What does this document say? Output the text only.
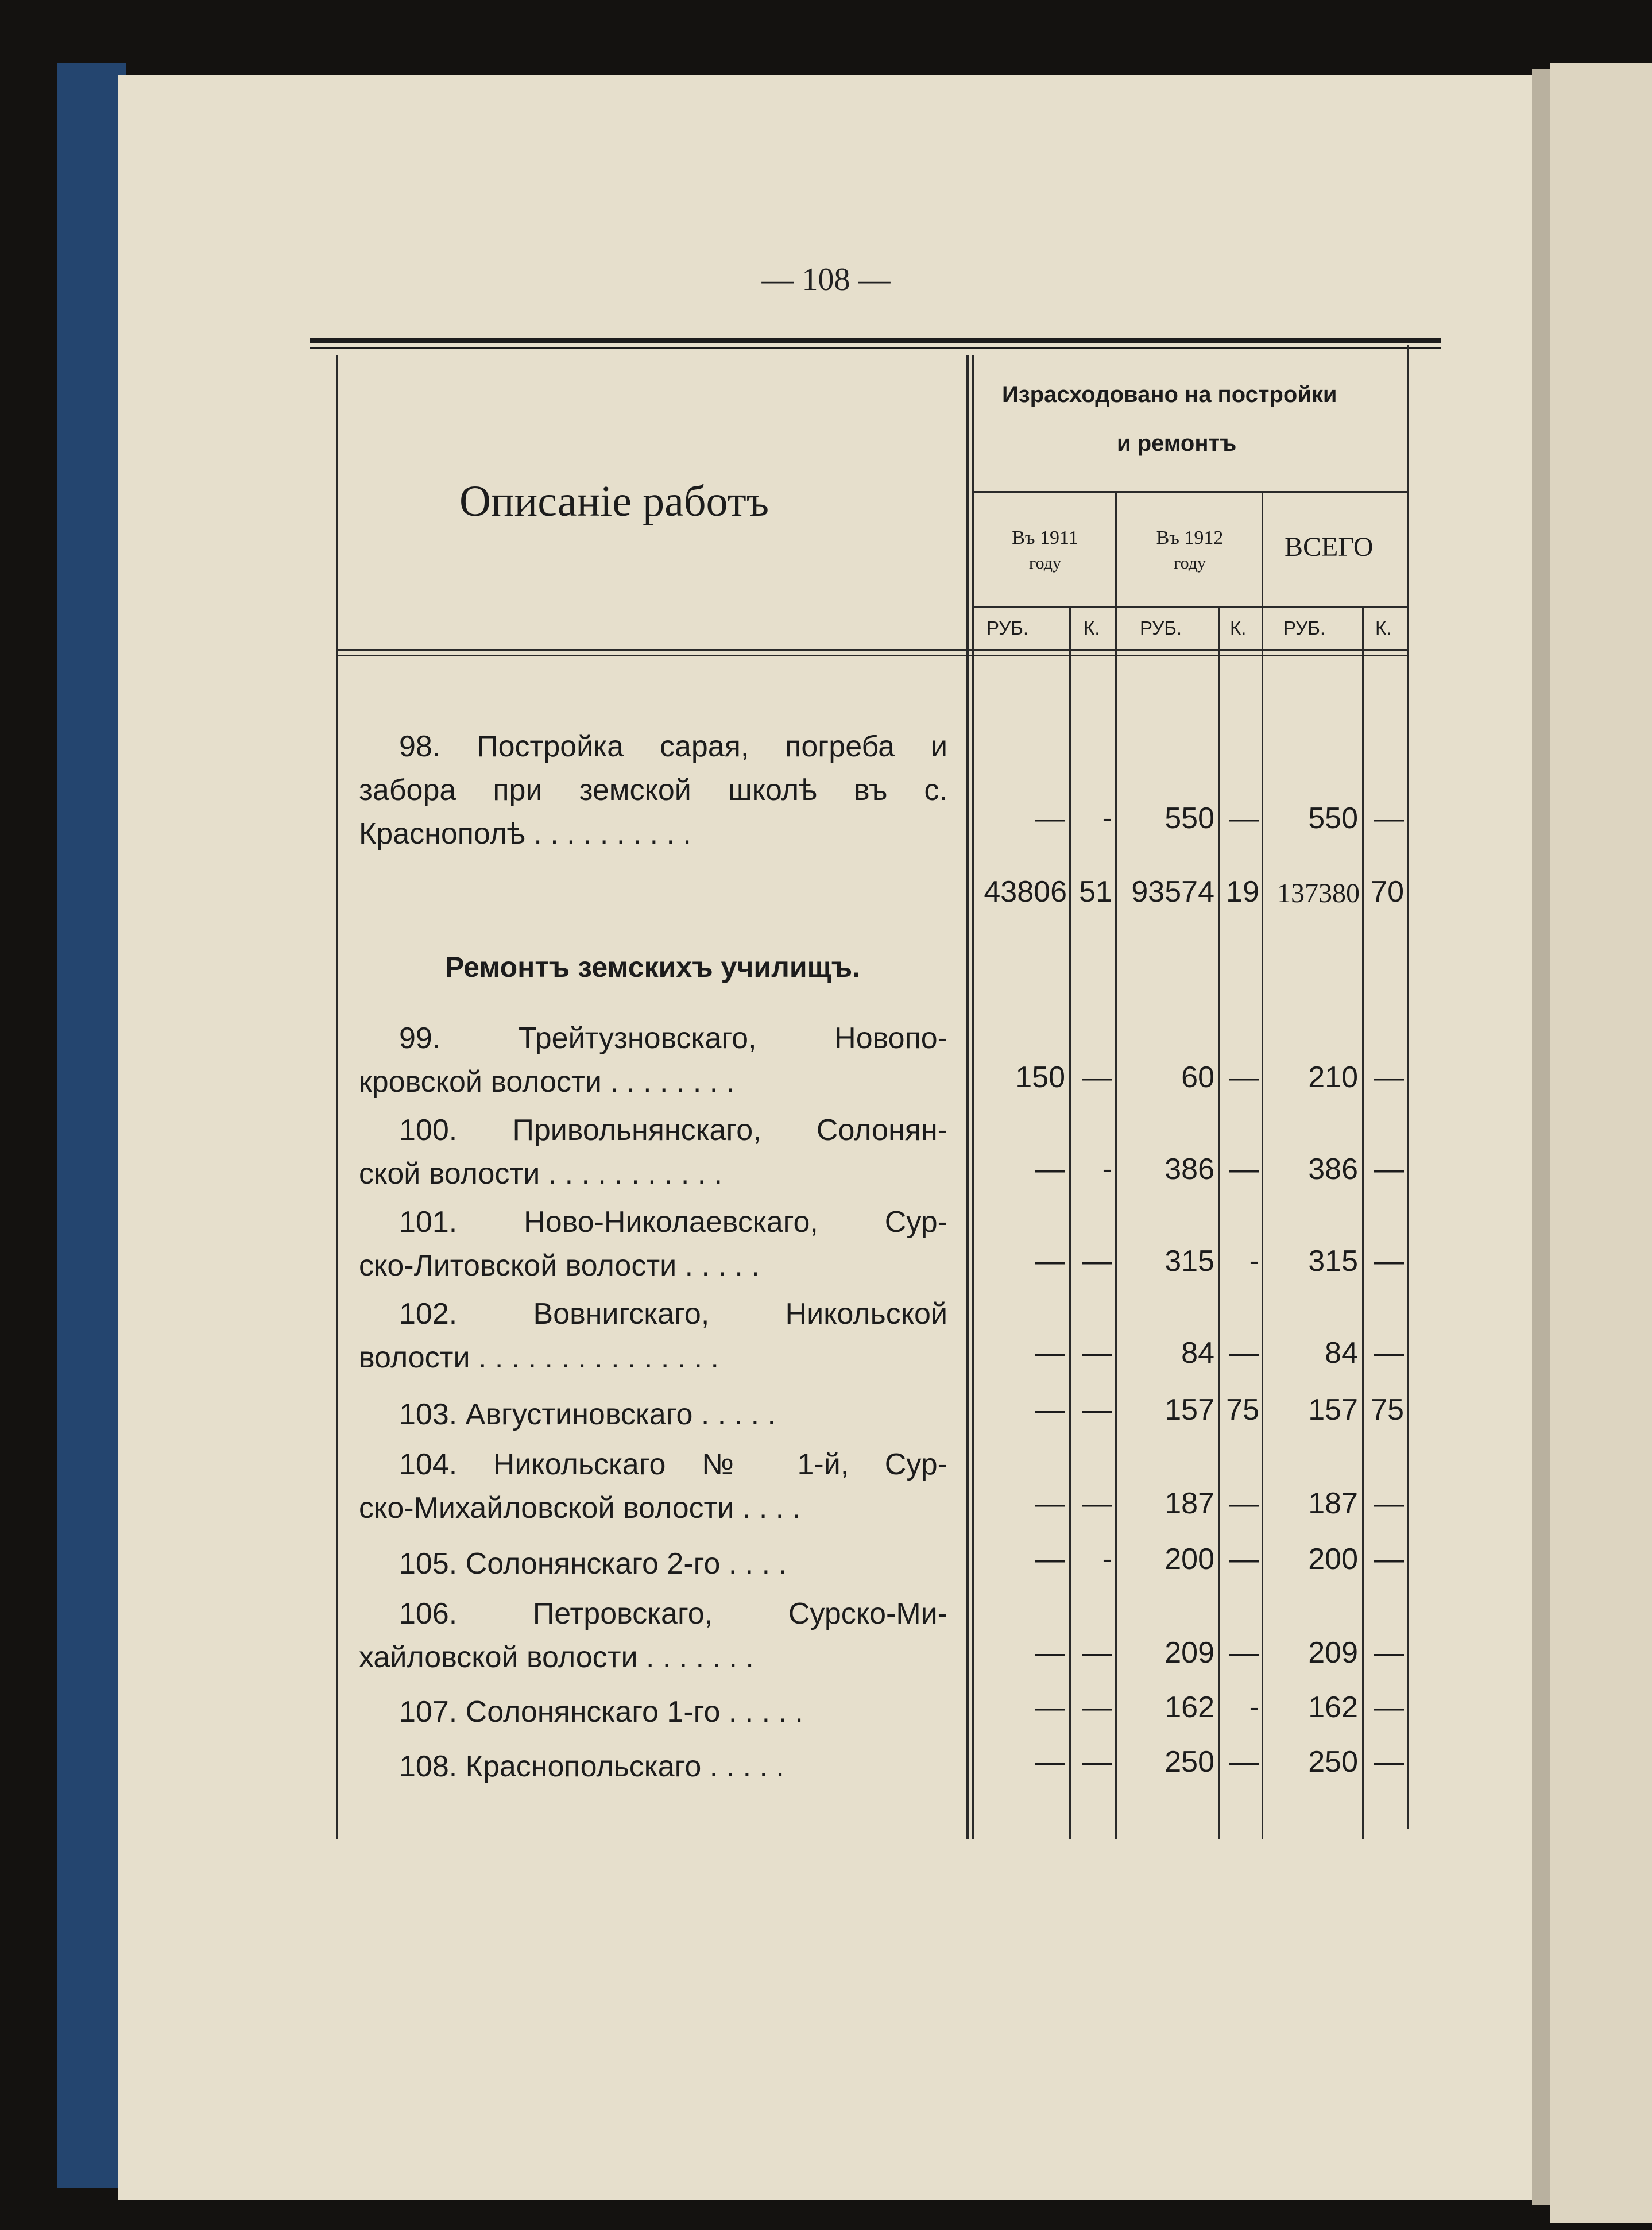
— 108 —
Описаніе работъ
Израсходовано на постройки
и ремонтъ
Въ 1911
году
Въ 1912
году
ВСЕГО
РУБ.	К. РУБ.	К. РУБ.	К.
98. Постройка сарая, погреба и
забора при земской школѣ въ с.
Краснополѣ . . . . . . . . . .	—	-	550 —	550 —
43806 51 93574 19 137380 70
Ремонтъ земскихъ училищъ.
99. Трейтузновскаго, Новопо-
кровской волости . . . . . . . .	150 —	60 —	210 —
100. Привольнянскаго, Солонян-
ской волости . . . . . . . . . . .	—	-	386 —	386 —
101. Ново-Николаевскаго, Сур-
ско-Литовской волости . . . . .	— —	315	-	315 —
102. Вовнигскаго, Никольской
волости . . . . . . . . . . . . . . .	— —	84 —	84 —
103. Августиновскаго . . . . .	— —	157 75	157 75
104. Никольскаго № 1-й, Сур-
ско-Михайловской волости . . . .	— —	187 —	187 —
105. Солонянскаго 2-го . . . .	—	-	200 —	200 —
106. Петровскаго, Сурско-Ми-
хайловской волости . . . . . . .	— —	209 —	209 —
107. Солонянскаго 1-го . . . . .	— —	162	-	162 —
108. Краснопольскаго . . . . .	— —	250 —	250 —
